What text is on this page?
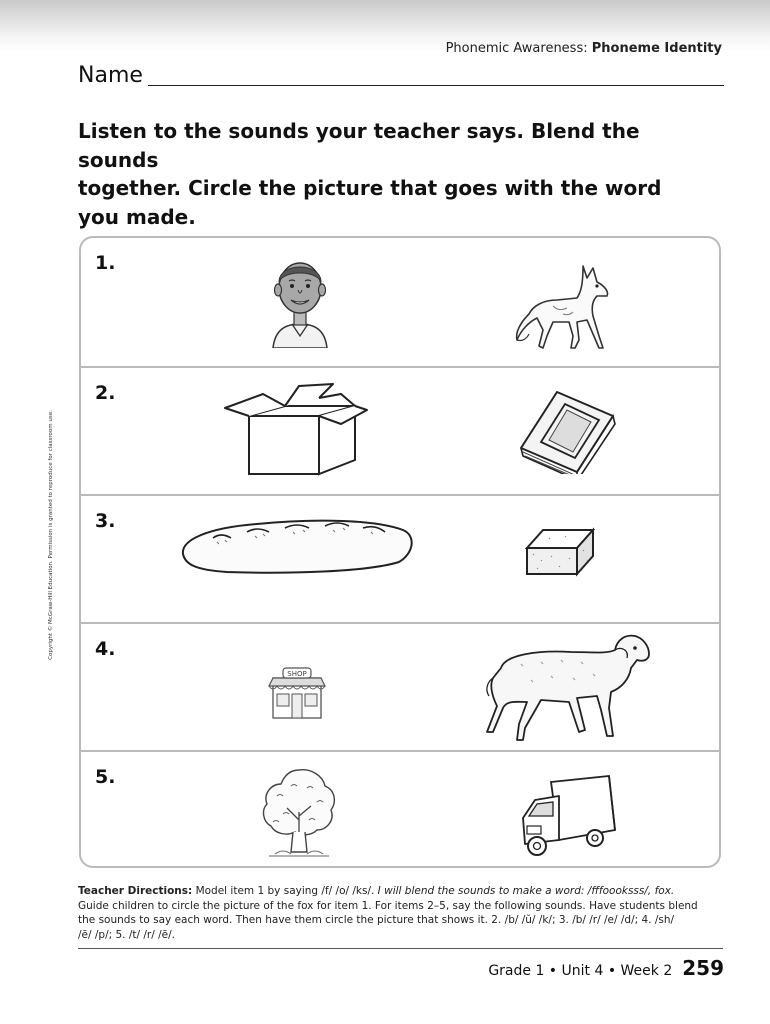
Phonemic Awareness: Phoneme Identity
Name
Listen to the sounds your teacher says. Blend the sounds
together. Circle the picture that goes with the word
you made.
Copyright © McGraw-Hill Education. Permission is granted to reproduce for classroom use.
1.
2.
3.
4.
SHOP
5.
Teacher Directions: Model item 1 by saying /f/ /o/ /ks/. I will blend the sounds to make a word: /fffoooksss/, fox.
Guide children to circle the picture of the fox for item 1. For items 2–5, say the following sounds. Have students blend
the sounds to say each word. Then have them circle the picture that shows it. 2. /b/ /ŭ/ /k/; 3. /b/ /r/ /e/ /d/; 4. /sh/
/ē/ /p/; 5. /t/ /r/ /ē/.
Grade 1 • Unit 4 • Week 2 259
